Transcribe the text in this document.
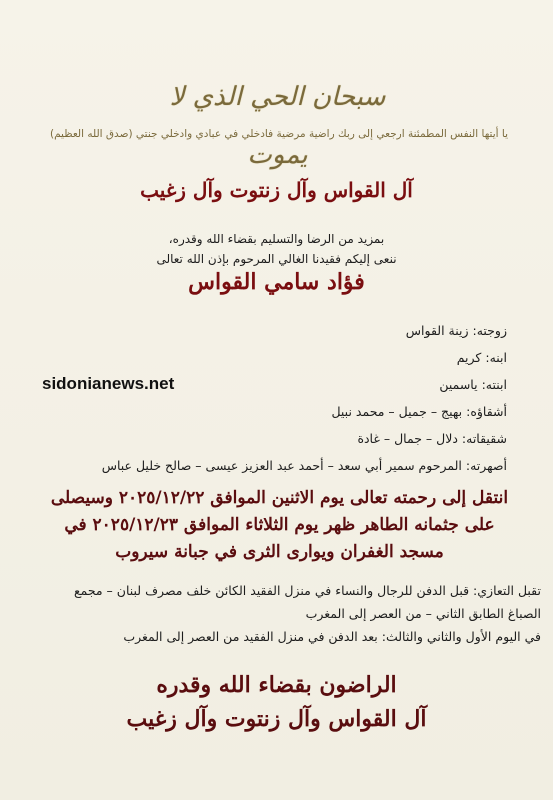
سبحان الحي الذي لا يموت
يا أيتها النفس المطمئنة ارجعي إلى ربك راضية مرضية فادخلي في عبادي وادخلي جنتي (صدق الله العظيم)
آل القواس وآل زنتوت وآل زغيب
بمزيد من الرضا والتسليم بقضاء الله وقدره،
ننعى إليكم فقيدنا الغالي المرحوم بإذن الله تعالى
فؤاد سامي القواس
زوجته: زينة القواس
ابنه: كريم
ابنته: ياسمين
أشقاؤه: بهيج – جميل – محمد نبيل
شقيقاته: دلال – جمال – غادة
أصهرته: المرحوم سمير أبي سعد – أحمد عبد العزيز عيسى – صالح خليل عباس
sidonianews.net
انتقل إلى رحمته تعالى يوم الاثنين الموافق ٢٠٢٥/١٢/٢٢ وسيصلى
على جثمانه الطاهر ظهر يوم الثلاثاء الموافق ٢٠٢٥/١٢/٢٣ في
مسجد الغفران ويوارى الثرى في جبانة سيروب
تقبل التعازي: قبل الدفن للرجال والنساء في منزل الفقيد الكائن خلف مصرف لبنان – مجمع
الصباغ الطابق الثاني – من العصر إلى المغرب
في اليوم الأول والثاني والثالث: بعد الدفن في منزل الفقيد من العصر إلى المغرب
الراضون بقضاء الله وقدره
آل القواس وآل زنتوت وآل زغيب
